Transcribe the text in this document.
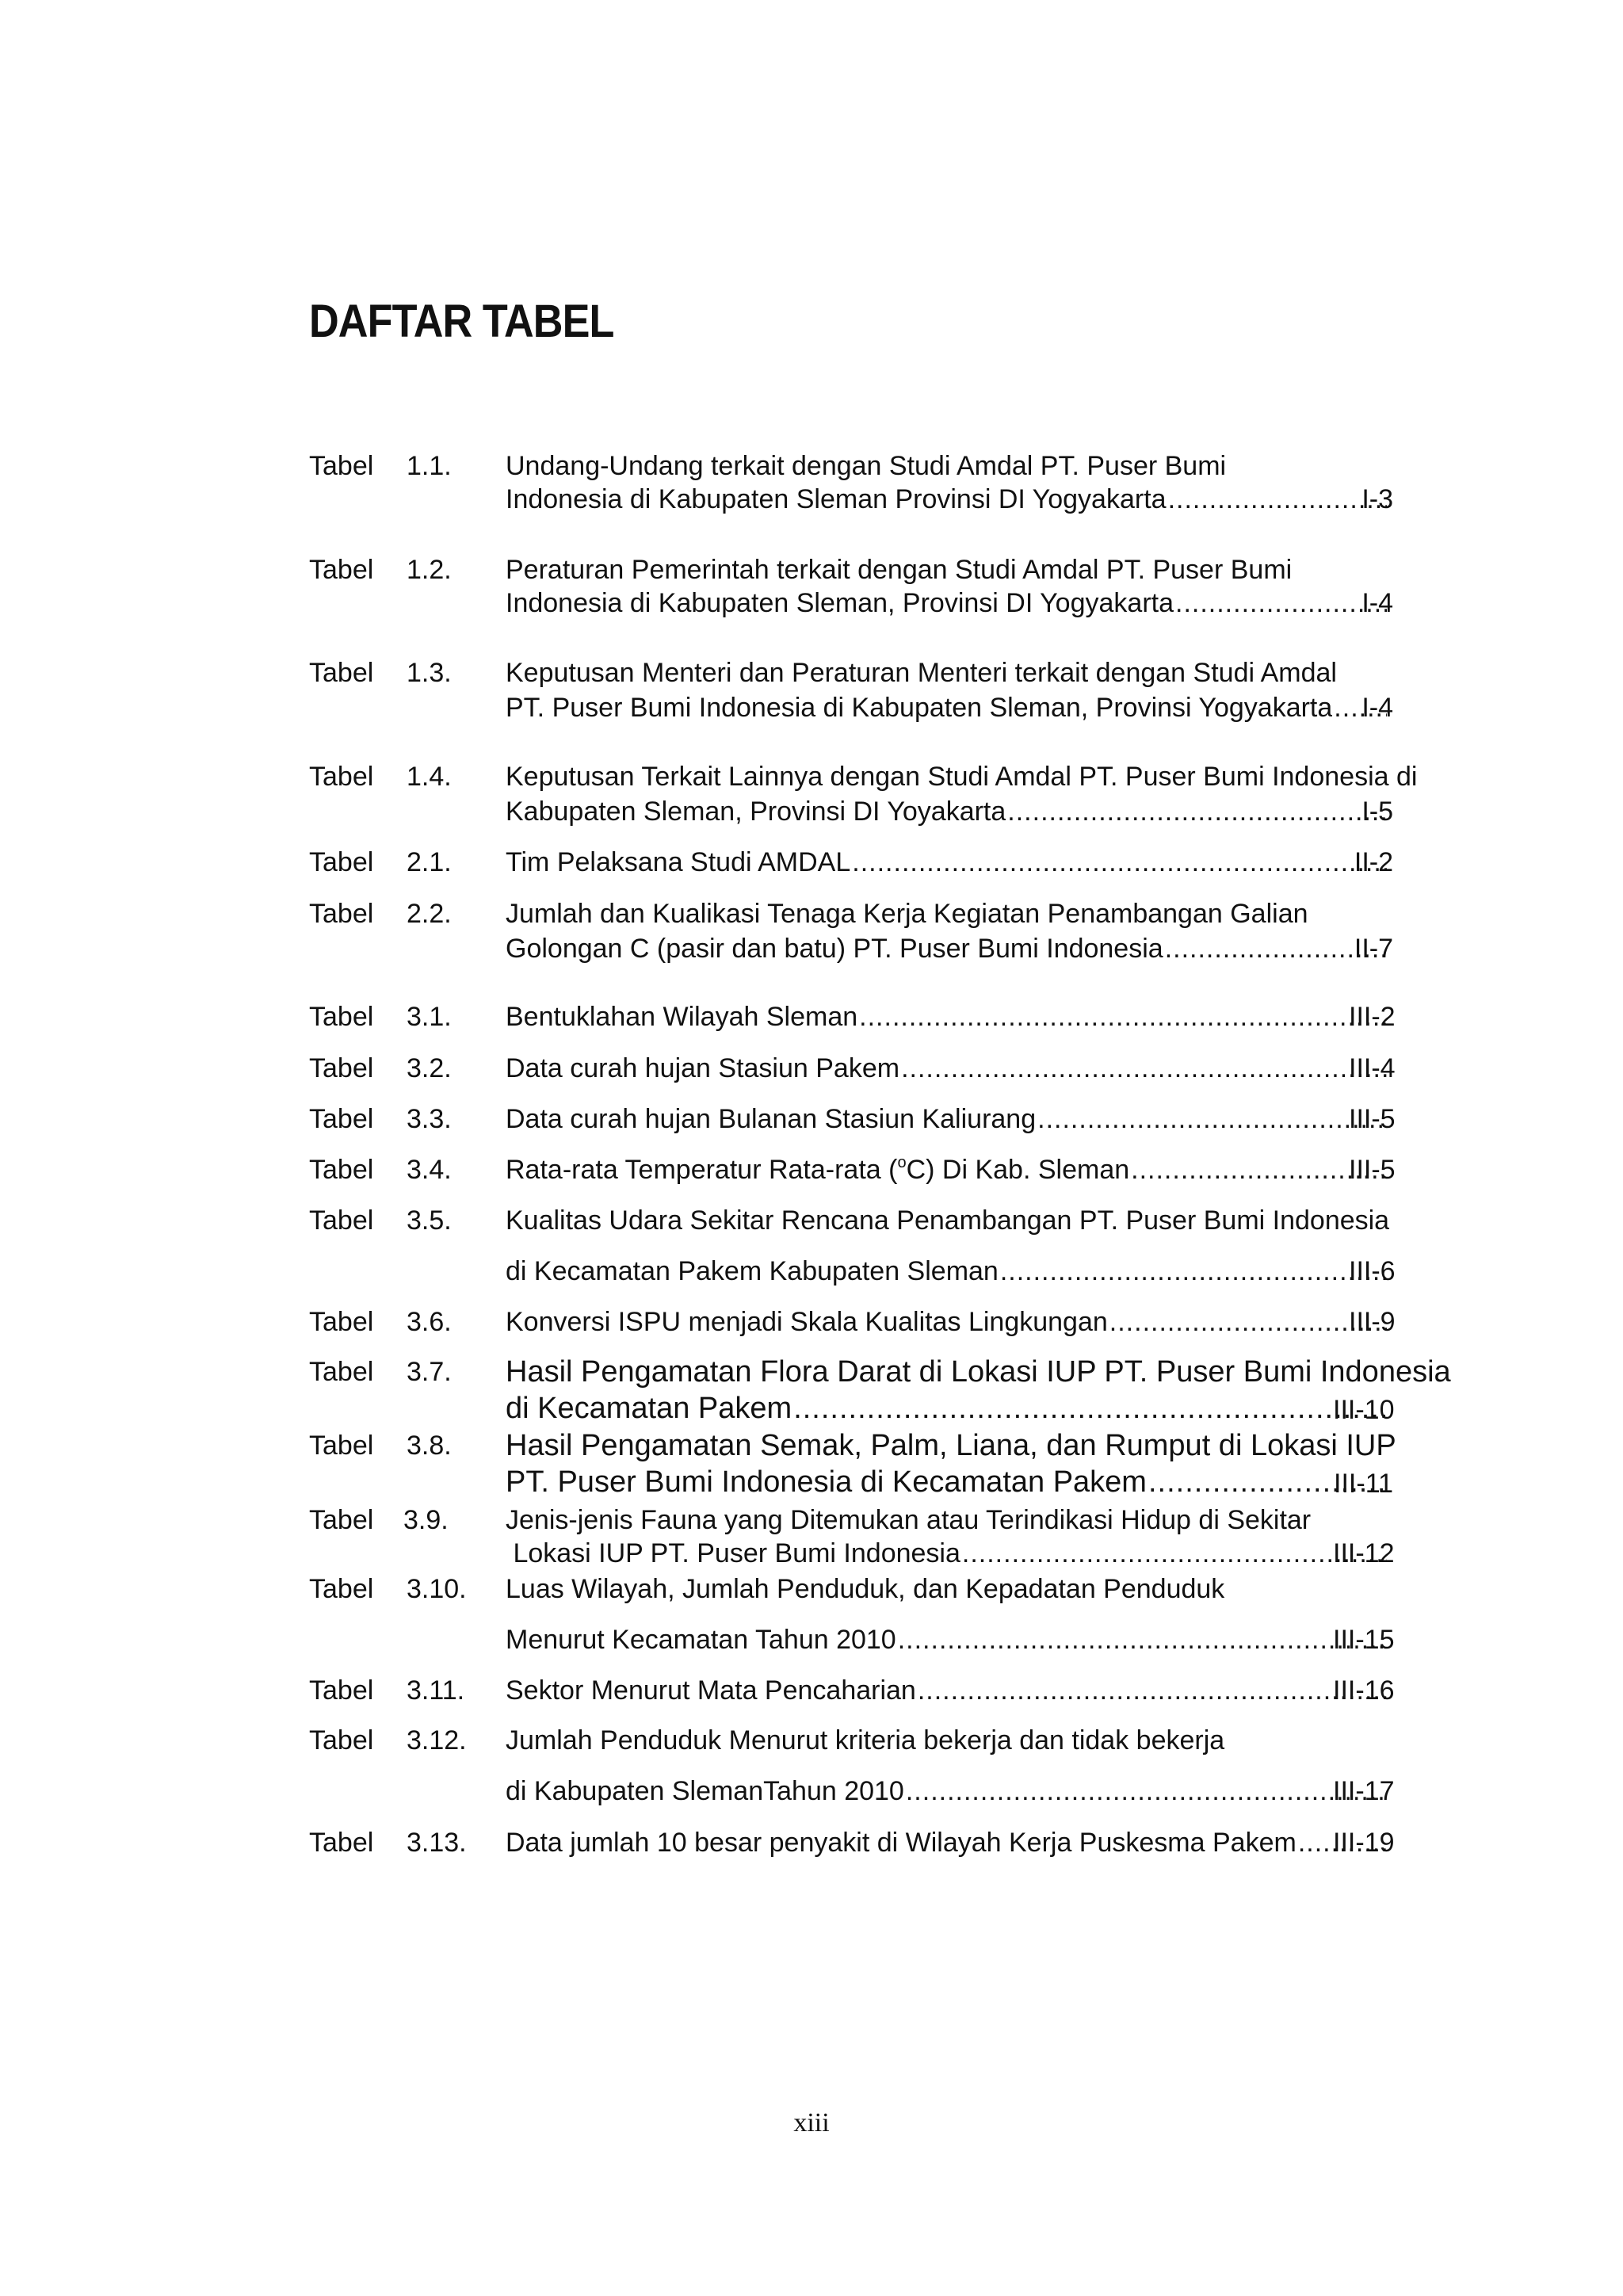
DAFTAR TABEL
Tabel 1.1. Undang-Undang terkait dengan Studi Amdal PT. Puser Bumi
Indonesia di Kabupaten Sleman Provinsi DI Yogyakarta .....	I-3
Tabel 1.2. Peraturan Pemerintah terkait dengan Studi Amdal PT. Puser Bumi
Indonesia di Kabupaten Sleman, Provinsi DI Yogyakarta .....	I-4
Tabel 1.3. Keputusan Menteri dan Peraturan Menteri terkait dengan Studi Amdal
PT. Puser Bumi Indonesia di Kabupaten Sleman, Provinsi Yogyakarta .....	I-4
Tabel 1.4. Keputusan Terkait Lainnya dengan Studi Amdal PT. Puser Bumi Indonesia di
Kabupaten Sleman, Provinsi DI Yoyakarta .....	I-5
Tabel 2.1. Tim Pelaksana Studi AMDAL .....	II-2
Tabel 2.2. Jumlah dan Kualikasi Tenaga Kerja Kegiatan Penambangan Galian
Golongan C (pasir dan batu) PT. Puser Bumi Indonesia .....	II-7
Tabel 3.1. Bentuklahan Wilayah Sleman .....	III-2
Tabel 3.2. Data curah hujan Stasiun Pakem .....	III-4
Tabel 3.3. Data curah hujan Bulanan Stasiun Kaliurang .....	III-5
Tabel 3.4. Rata-rata Temperatur Rata-rata ($^o$C) Di Kab. Sleman .....	III-5
Tabel 3.5. Kualitas Udara Sekitar Rencana Penambangan PT. Puser Bumi Indonesia
di Kecamatan Pakem Kabupaten Sleman .....	III-6
Tabel 3.6. Konversi ISPU menjadi Skala Kualitas Lingkungan .....	III-9
Tabel 3.7. Hasil Pengamatan Flora Darat di Lokasi IUP PT. Puser Bumi Indonesia
di Kecamatan Pakem .....	III-10
Tabel 3.8. Hasil Pengamatan Semak, Palm, Liana, dan Rumput di Lokasi IUP
PT. Puser Bumi Indonesia di Kecamatan Pakem .....	III-11
Tabel 3.9. Jenis-jenis Fauna yang Ditemukan atau Terindikasi Hidup di Sekitar
Lokasi IUP PT. Puser Bumi Indonesia .....	III-12
Tabel 3.10. Luas Wilayah, Jumlah Penduduk, dan Kepadatan Penduduk
Menurut Kecamatan Tahun 2010 .....	III-15
Tabel 3.11. Sektor Menurut Mata Pencaharian .....	III-16
Tabel 3.12. Jumlah Penduduk Menurut kriteria bekerja dan tidak bekerja
di Kabupaten SlemanTahun 2010 .....	III-17
Tabel 3.13. Data jumlah 10 besar penyakit di Wilayah Kerja Puskesma Pakem ..... III-19
xiii
